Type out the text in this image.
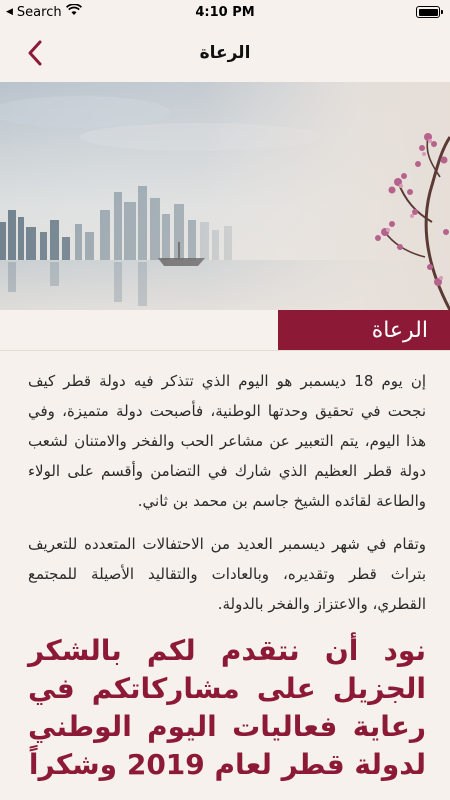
◀ Search	4:10 PM
الرعاة
الرعاة

إن يوم 18 ديسمبر هو اليوم الذي تتذكر فيه دولة قطر كيف نجحت في تحقيق وحدتها الوطنية، فأصبحت دولة متميزة، وفي هذا اليوم، يتم التعبير عن مشاعر الحب والفخر والامتنان لشعب دولة قطر العظيم الذي شارك في التضامن وأقسم على الولاء والطاعة لقائده الشيخ جاسم بن محمد بن ثاني.

وتقام في شهر ديسمبر العديد من الاحتفالات المتعدده للتعريف بتراث قطر وتقديره، وبالعادات والتقاليد الأصيلة للمجتمع القطري، والاعتزاز والفخر بالدولة.

نود أن نتقدم لكم بالشكر الجزيل على مشاركاتكم في رعاية فعاليات اليوم الوطني لدولة قطر لعام 2019 وشكراً
